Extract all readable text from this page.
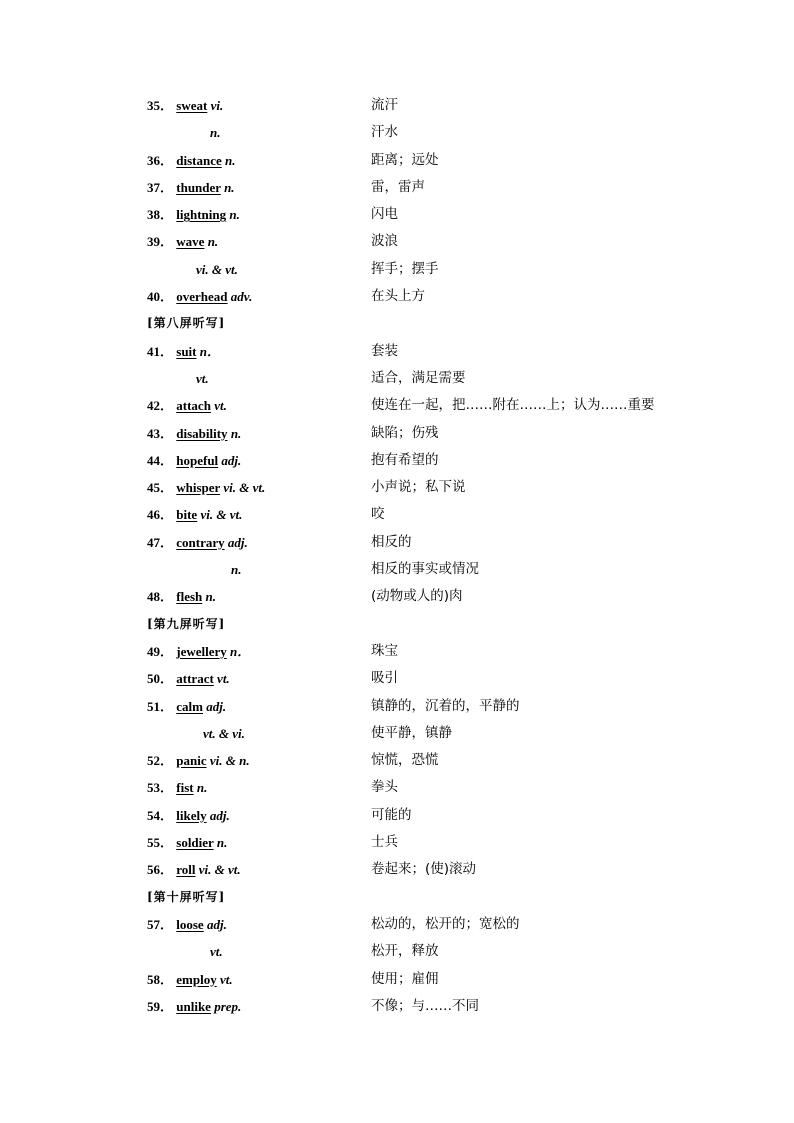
35． sweat vi.	流汗
n.	汗水
36． distance n.	距离；远处
37． thunder n.	雷，雷声
38． lightning n.	闪电
39． wave n.	波浪
vi. & vt.	挥手；摆手
40． overhead adv.	在头上方
[第八屏听写]
41． suit n．	套装
vt.	适合，满足需要
42． attach vt.	使连在一起，把……附在……上；认为……重要
43． disability n.	缺陷；伤残
44． hopeful adj.	抱有希望的
45． whisper vi. & vt.	小声说；私下说
46． bite vi. & vt.	咬
47． contrary adj.	相反的
n.	相反的事实或情况
48． flesh n.	(动物或人的)肉
[第九屏听写]
49． jewellery n．	珠宝
50． attract vt.	吸引
51． calm adj.	镇静的，沉着的，平静的
vt. & vi.	使平静，镇静
52． panic vi. & n.	惊慌，恐慌
53． fist n.	拳头
54． likely adj.	可能的
55． soldier n.	士兵
56． roll vi. & vt.	卷起来；(使)滚动
[第十屏听写]
57． loose adj.	松动的，松开的；宽松的
vt.	松开，释放
58． employ vt.	使用；雇佣
59． unlike prep.	不像；与……不同
